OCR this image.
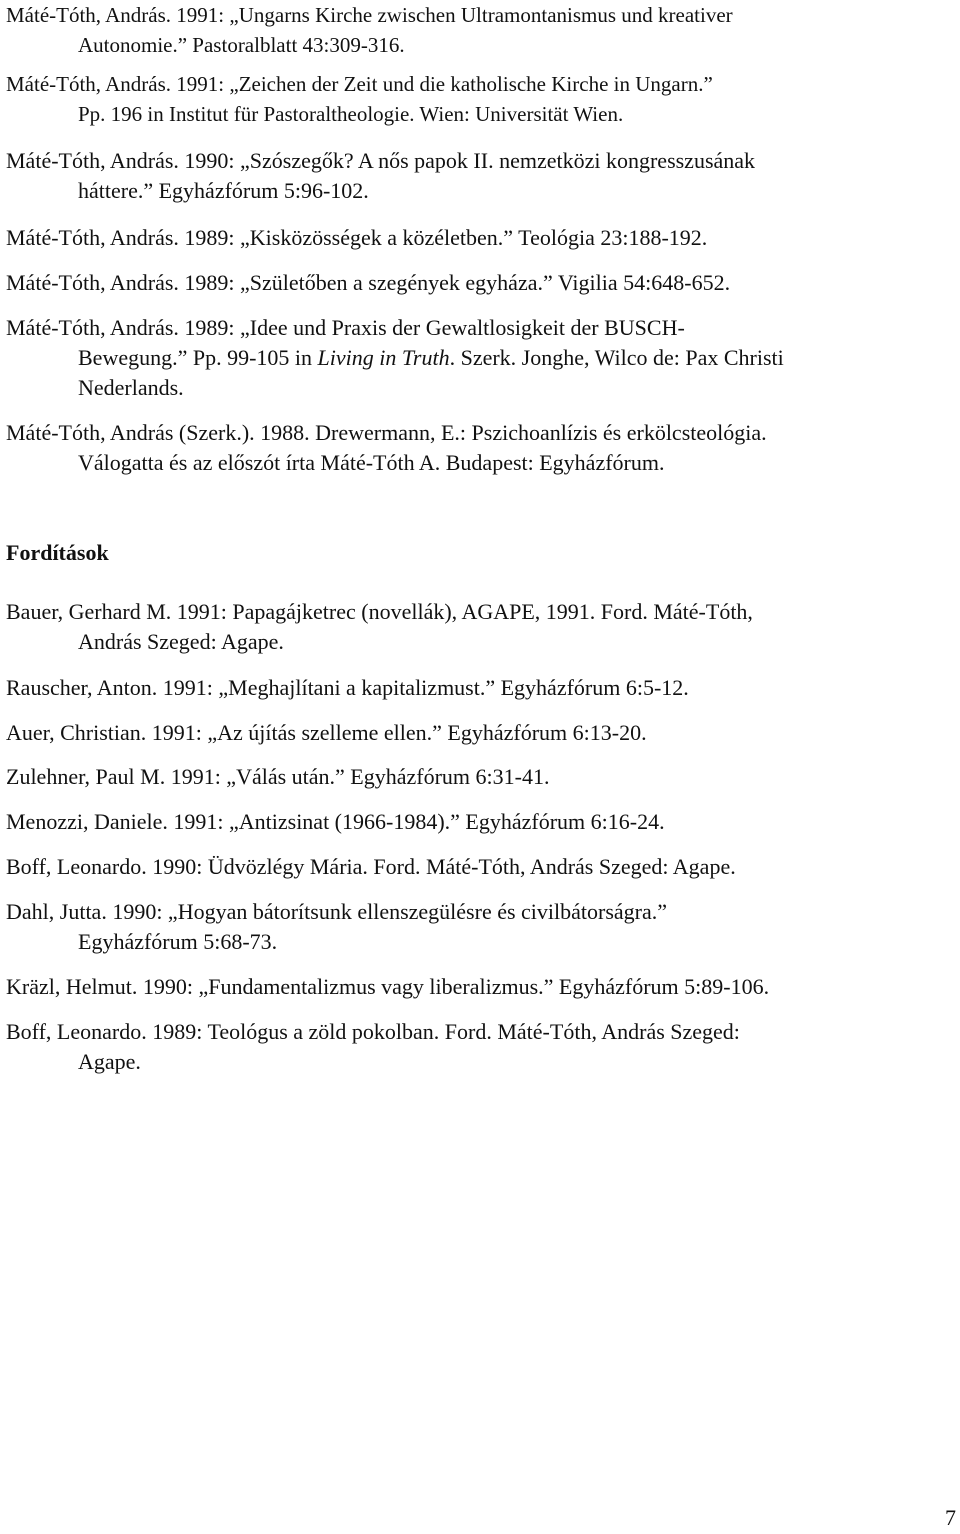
Máté-Tóth, András. 1991: „Ungarns Kirche zwischen Ultramontanismus und kreativer
Autonomie.” Pastoralblatt 43:309-316.
Máté-Tóth, András. 1991: „Zeichen der Zeit und die katholische Kirche in Ungarn.”
Pp. 196 in Institut für Pastoraltheologie. Wien: Universität Wien.
Máté-Tóth, András. 1990: „Szószegők? A nős papok II. nemzetközi kongresszusának
háttere.” Egyházfórum 5:96-102.
Máté-Tóth, András. 1989: „Kisközösségek a közéletben.” Teológia 23:188-192.
Máté-Tóth, András. 1989: „Születőben a szegények egyháza.” Vigilia 54:648-652.
Máté-Tóth, András. 1989: „Idee und Praxis der Gewaltlosigkeit der BUSCH-
Bewegung.” Pp. 99-105 in Living in Truth. Szerk. Jonghe, Wilco de: Pax Christi
Nederlands.
Máté-Tóth, András (Szerk.). 1988. Drewermann, E.: Pszichoanlízis és erkölcsteológia.
Válogatta és az előszót írta Máté-Tóth A. Budapest: Egyházfórum.
Fordítások
Bauer, Gerhard M. 1991: Papagájketrec (novellák), AGAPE, 1991. Ford. Máté-Tóth,
András Szeged: Agape.
Rauscher, Anton. 1991: „Meghajlítani a kapitalizmust.” Egyházfórum 6:5-12.
Auer, Christian. 1991: „Az újítás szelleme ellen.” Egyházfórum 6:13-20.
Zulehner, Paul M. 1991: „Válás után.” Egyházfórum 6:31-41.
Menozzi, Daniele. 1991: „Antizsinat (1966-1984).” Egyházfórum 6:16-24.
Boff, Leonardo. 1990: Üdvözlégy Mária. Ford. Máté-Tóth, András Szeged: Agape.
Dahl, Jutta. 1990: „Hogyan bátorítsunk ellenszegülésre és civilbátorságra.”
Egyházfórum 5:68-73.
Kräzl, Helmut. 1990: „Fundamentalizmus vagy liberalizmus.” Egyházfórum 5:89-106.
Boff, Leonardo. 1989: Teológus a zöld pokolban. Ford. Máté-Tóth, András Szeged:
Agape.
7
